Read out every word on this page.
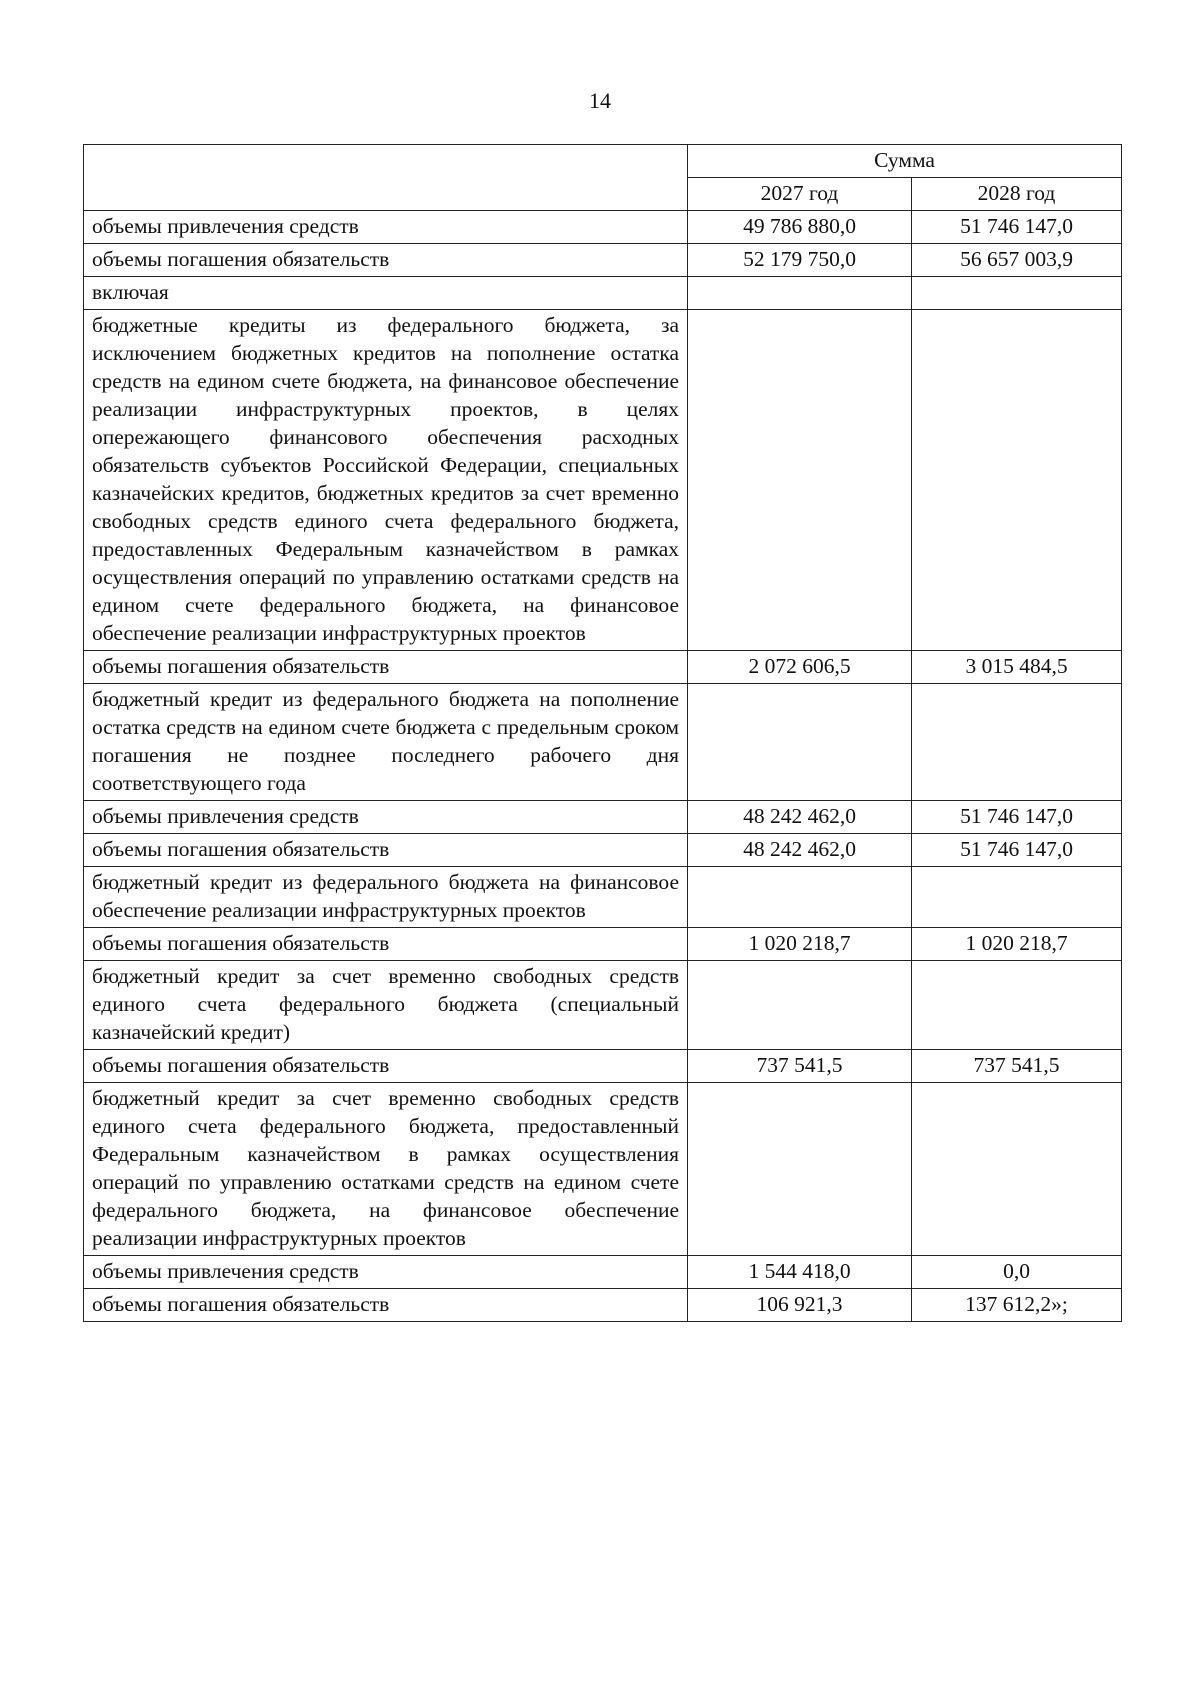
14
	Сумма	
	2027 год	2028 год
объемы привлечения средств	49 786 880,0	51 746 147,0
объемы погашения обязательств	52 179 750,0	56 657 003,9
включая		
бюджетные кредиты из федерального бюджета, за исключением бюджетных кредитов на пополнение остатка средств на едином счете бюджета, на финансовое обеспечение реализации инфраструктурных проектов, в целях опережающего финансового обеспечения расходных обязательств субъектов Российской Федерации, специальных казначейских кредитов, бюджетных кредитов за счет временно свободных средств единого счета федерального бюджета, предоставленных Федеральным казначейством в рамках осуществления операций по управлению остатками средств на едином счете федерального бюджета, на финансовое обеспечение реализации инфраструктурных проектов		
объемы погашения обязательств	2 072 606,5	3 015 484,5
бюджетный кредит из федерального бюджета на пополнение остатка средств на едином счете бюджета с предельным сроком погашения не позднее последнего рабочего дня соответствующего года		
объемы привлечения средств	48 242 462,0	51 746 147,0
объемы погашения обязательств	48 242 462,0	51 746 147,0
бюджетный кредит из федерального бюджета на финансовое обеспечение реализации инфраструктурных проектов		
объемы погашения обязательств	1 020 218,7	1 020 218,7
бюджетный кредит за счет временно свободных средств единого счета федерального бюджета (специальный казначейский кредит)		
объемы погашения обязательств	737 541,5	737 541,5
бюджетный кредит за счет временно свободных средств единого счета федерального бюджета, предоставленный Федеральным казначейством в рамках осуществления операций по управлению остатками средств на едином счете федерального бюджета, на финансовое обеспечение реализации инфраструктурных проектов		
объемы привлечения средств	1 544 418,0	0,0
объемы погашения обязательств	106 921,3	137 612,2»;
